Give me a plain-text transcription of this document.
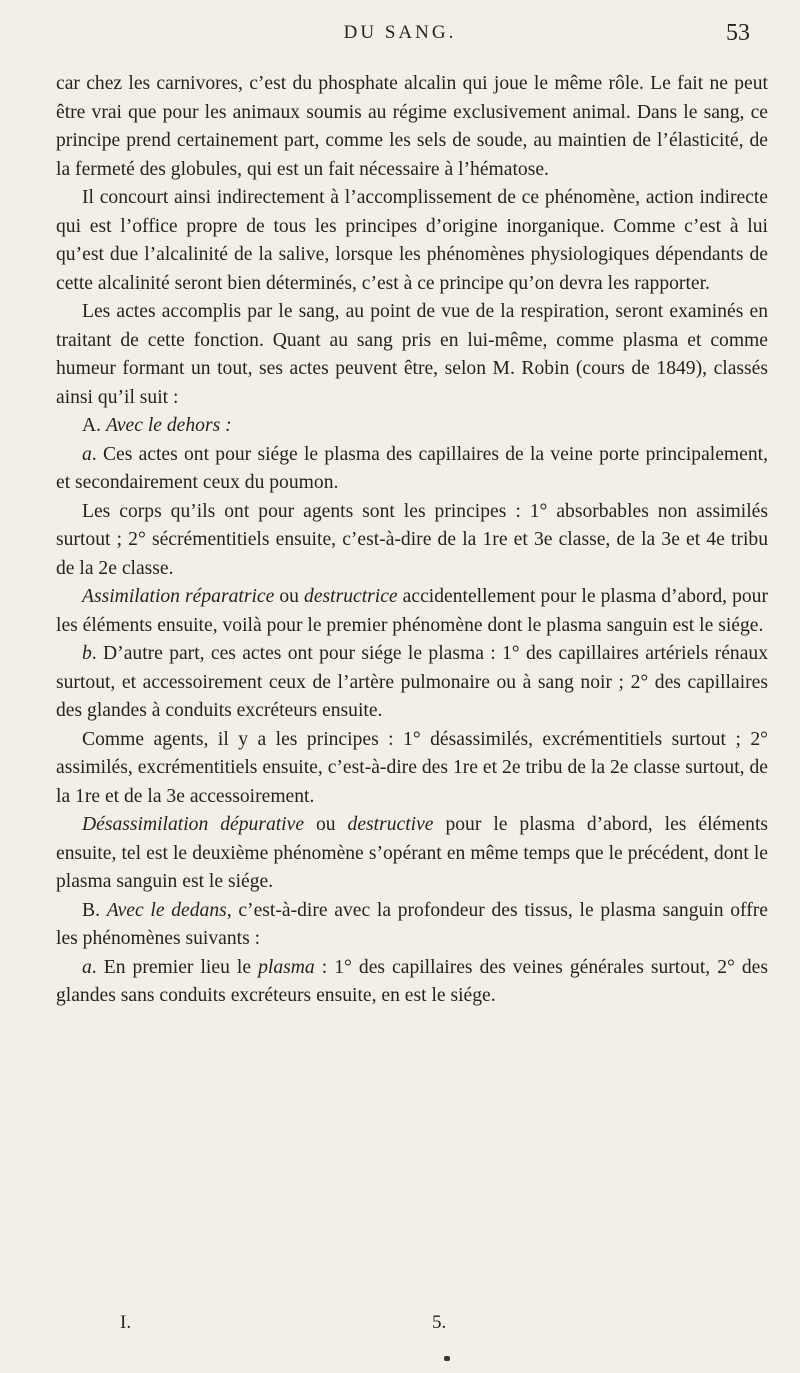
DU SANG.	53

car chez les carnivores, c’est du phosphate alcalin qui joue le même rôle. Le fait ne peut être vrai que pour les animaux soumis au régime exclusivement animal. Dans le sang, ce principe prend certainement part, comme les sels de soude, au maintien de l’élasticité, de la fermeté des globules, qui est un fait nécessaire à l’hématose.

Il concourt ainsi indirectement à l’accomplissement de ce phénomène, action indirecte qui est l’office propre de tous les principes d’origine inorganique. Comme c’est à lui qu’est due l’alcalinité de la salive, lorsque les phénomènes physiologiques dépendants de cette alcalinité seront bien déterminés, c’est à ce principe qu’on devra les rapporter.

Les actes accomplis par le sang, au point de vue de la respiration, seront examinés en traitant de cette fonction. Quant au sang pris en lui-même, comme plasma et comme humeur formant un tout, ses actes peuvent être, selon M. Robin (cours de 1849), classés ainsi qu’il suit :

A. Avec le dehors :

a. Ces actes ont pour siége le plasma des capillaires de la veine porte principalement, et secondairement ceux du poumon.

Les corps qu’ils ont pour agents sont les principes : 1° absorbables non assimilés surtout ; 2° sécrémentitiels ensuite, c’est-à-dire de la 1re et 3e classe, de la 3e et 4e tribu de la 2e classe.

Assimilation réparatrice ou destructrice accidentellement pour le plasma d’abord, pour les éléments ensuite, voilà pour le premier phénomène dont le plasma sanguin est le siége.

b. D’autre part, ces actes ont pour siége le plasma : 1° des capillaires artériels rénaux surtout, et accessoirement ceux de l’artère pulmonaire ou à sang noir ; 2° des capillaires des glandes à conduits excréteurs ensuite.

Comme agents, il y a les principes : 1° désassimilés, excrémentitiels surtout ; 2° assimilés, excrémentitiels ensuite, c’est-à-dire des 1re et 2e tribu de la 2e classe surtout, de la 1re et de la 3e accessoirement.

Désassimilation dépurative ou destructive pour le plasma d’abord, les éléments ensuite, tel est le deuxième phénomène s’opérant en même temps que le précédent, dont le plasma sanguin est le siége.

B. Avec le dedans, c’est-à-dire avec la profondeur des tissus, le plasma sanguin offre les phénomènes suivants :

a. En premier lieu le plasma : 1° des capillaires des veines générales surtout, 2° des glandes sans conduits excréteurs ensuite, en est le siége.

I.	5.
